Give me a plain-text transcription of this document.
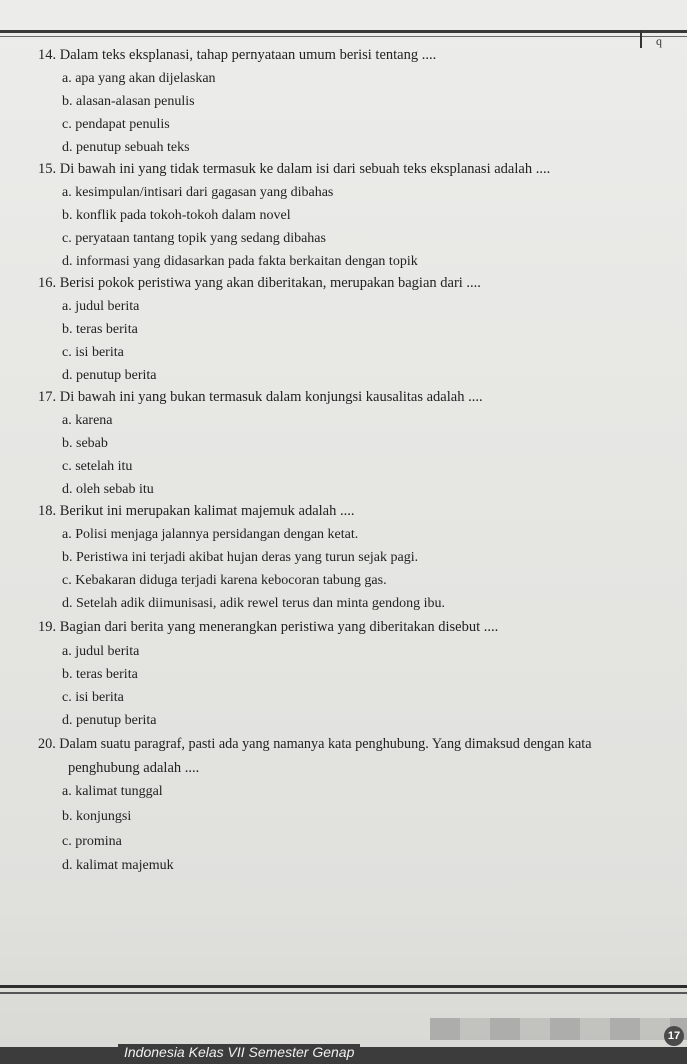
q
14. Dalam teks eksplanasi, tahap pernyataan umum berisi tentang ....
a. apa yang akan dijelaskan
b. alasan-alasan penulis
c. pendapat penulis
d. penutup sebuah teks
15. Di bawah ini yang tidak termasuk ke dalam isi dari sebuah teks eksplanasi adalah ....
a. kesimpulan/intisari dari gagasan yang dibahas
b. konflik pada tokoh-tokoh dalam novel
c. peryataan tantang topik yang sedang dibahas
d. informasi yang didasarkan pada fakta berkaitan dengan topik
16. Berisi pokok peristiwa yang akan diberitakan, merupakan bagian dari ....
a. judul berita
b. teras berita
c. isi berita
d. penutup berita
17. Di bawah ini yang bukan termasuk dalam konjungsi kausalitas adalah ....
a. karena
b. sebab
c. setelah itu
d. oleh sebab itu
18. Berikut ini merupakan kalimat majemuk adalah ....
a. Polisi menjaga jalannya persidangan dengan ketat.
b. Peristiwa ini terjadi akibat hujan deras yang turun sejak pagi.
c. Kebakaran diduga terjadi karena kebocoran tabung gas.
d. Setelah adik diimunisasi, adik rewel terus dan minta gendong ibu.
19. Bagian dari berita yang menerangkan peristiwa yang diberitakan disebut ....
a. judul berita
b. teras berita
c. isi berita
d. penutup berita
20. Dalam suatu paragraf, pasti ada yang namanya kata penghubung. Yang dimaksud dengan kata
penghubung adalah ....
a. kalimat tunggal
b. konjungsi
c. promina
d. kalimat majemuk
Indonesia Kelas VII Semester Genap
17
